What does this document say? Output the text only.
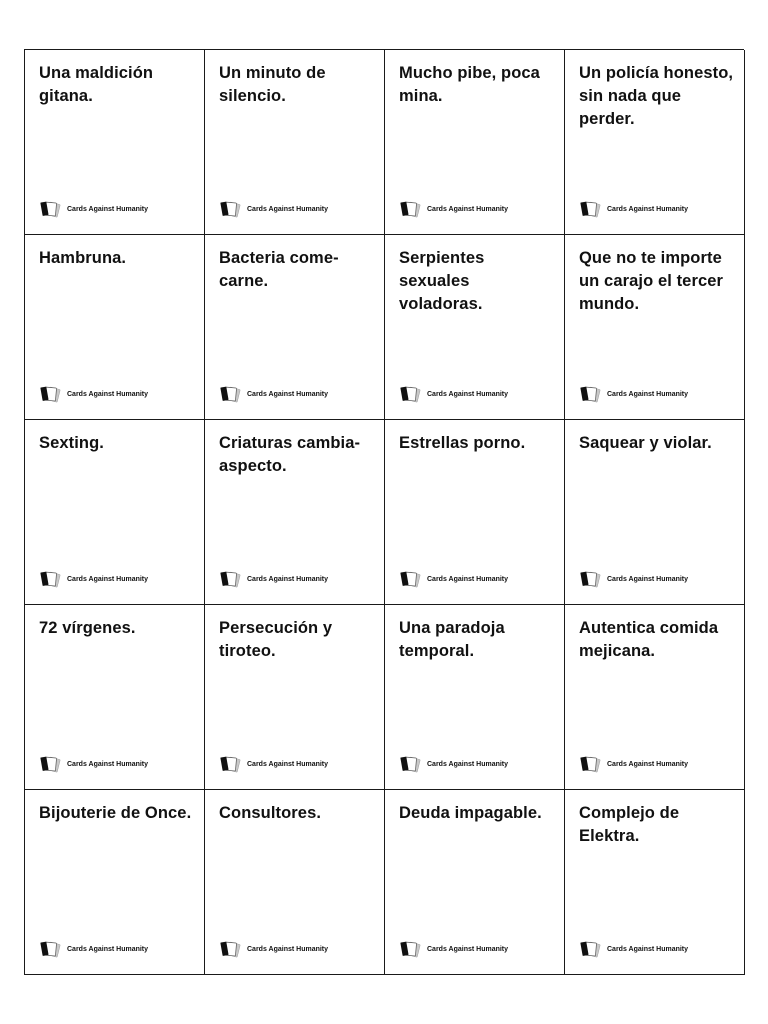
Una maldición gitana.

Cards Against Humanity

Un minuto de silencio.

Cards Against Humanity

Mucho pibe, poca mina.

Cards Against Humanity

Un policía honesto, sin nada que perder.

Cards Against Humanity

Hambruna.

Cards Against Humanity

Bacteria come-carne.

Cards Against Humanity

Serpientes sexuales voladoras.

Cards Against Humanity

Que no te importe un carajo el tercer mundo.

Cards Against Humanity

Sexting.

Cards Against Humanity

Criaturas cambia-aspecto.

Cards Against Humanity

Estrellas porno.

Cards Against Humanity

Saquear y violar.

Cards Against Humanity

72 vírgenes.

Cards Against Humanity

Persecución y tiroteo.

Cards Against Humanity

Una paradoja temporal.

Cards Against Humanity

Autentica comida mejicana.

Cards Against Humanity

Bijouterie de Once.

Cards Against Humanity

Consultores.

Cards Against Humanity

Deuda impagable.

Cards Against Humanity

Complejo de Elektra.

Cards Against Humanity
